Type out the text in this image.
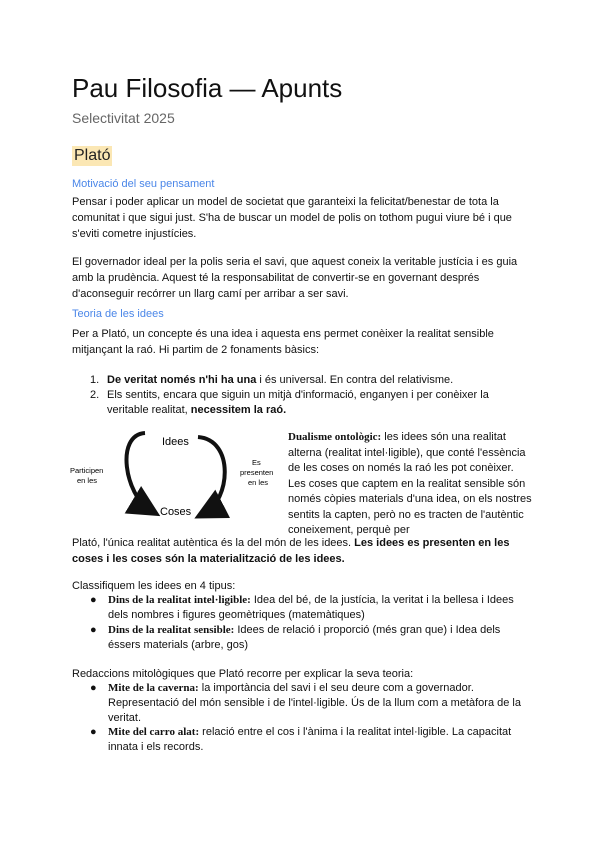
Pau Filosofia — Apunts
Selectivitat 2025
Plató
Motivació del seu pensament
Pensar i poder aplicar un model de societat que garanteixi la felicitat/benestar de tota la comunitat i que sigui just. S'ha de buscar un model de polis on tothom pugui viure bé i que s'eviti cometre injustícies.
El governador ideal per la polis seria el savi, que aquest coneix la veritable justícia i es guia amb la prudència. Aquest té la responsabilitat de convertir-se en governant després d'aconseguir recórrer un llarg camí per arribar a ser savi.
Teoria de les idees
Per a Plató, un concepte és una idea i aquesta ens permet conèixer la realitat sensible mitjançant la raó. Hi partim de 2 fonaments bàsics:
1. De veritat només n'hi ha una i és universal. En contra del relativisme.
2. Els sentits, encara que siguin un mitjà d'informació, enganyen i per conèixer la veritable realitat, necessitem la raó.
Idees
Coses
Participen
en les
Es
presenten
en les
Dualisme ontològic: les idees són una realitat alterna (realitat intel·ligible), que conté l'essència de les coses on només la raó les pot conèixer. Les coses que captem en la realitat sensible són només còpies materials d'una idea, on els nostres sentits la capten, però no es tracten de l'autèntic coneixement, perquè per
Plató, l'única realitat autèntica és la del món de les idees. Les idees es presenten en les coses i les coses són la materialització de les idees.
Classifiquem les idees en 4 tipus:
● Dins de la realitat intel·ligible: Idea del bé, de la justícia, la veritat i la bellesa i Idees dels nombres i figures geomètriques (matemàtiques)
● Dins de la realitat sensible: Idees de relació i proporció (més gran que) i Idea dels éssers materials (arbre, gos)
Redaccions mitològiques que Plató recorre per explicar la seva teoria:
● Mite de la caverna: la importància del savi i el seu deure com a governador. Representació del món sensible i de l'intel·ligible. Ús de la llum com a metàfora de la veritat.
● Mite del carro alat: relació entre el cos i l'ànima i la realitat intel·ligible. La capacitat innata i els records.
